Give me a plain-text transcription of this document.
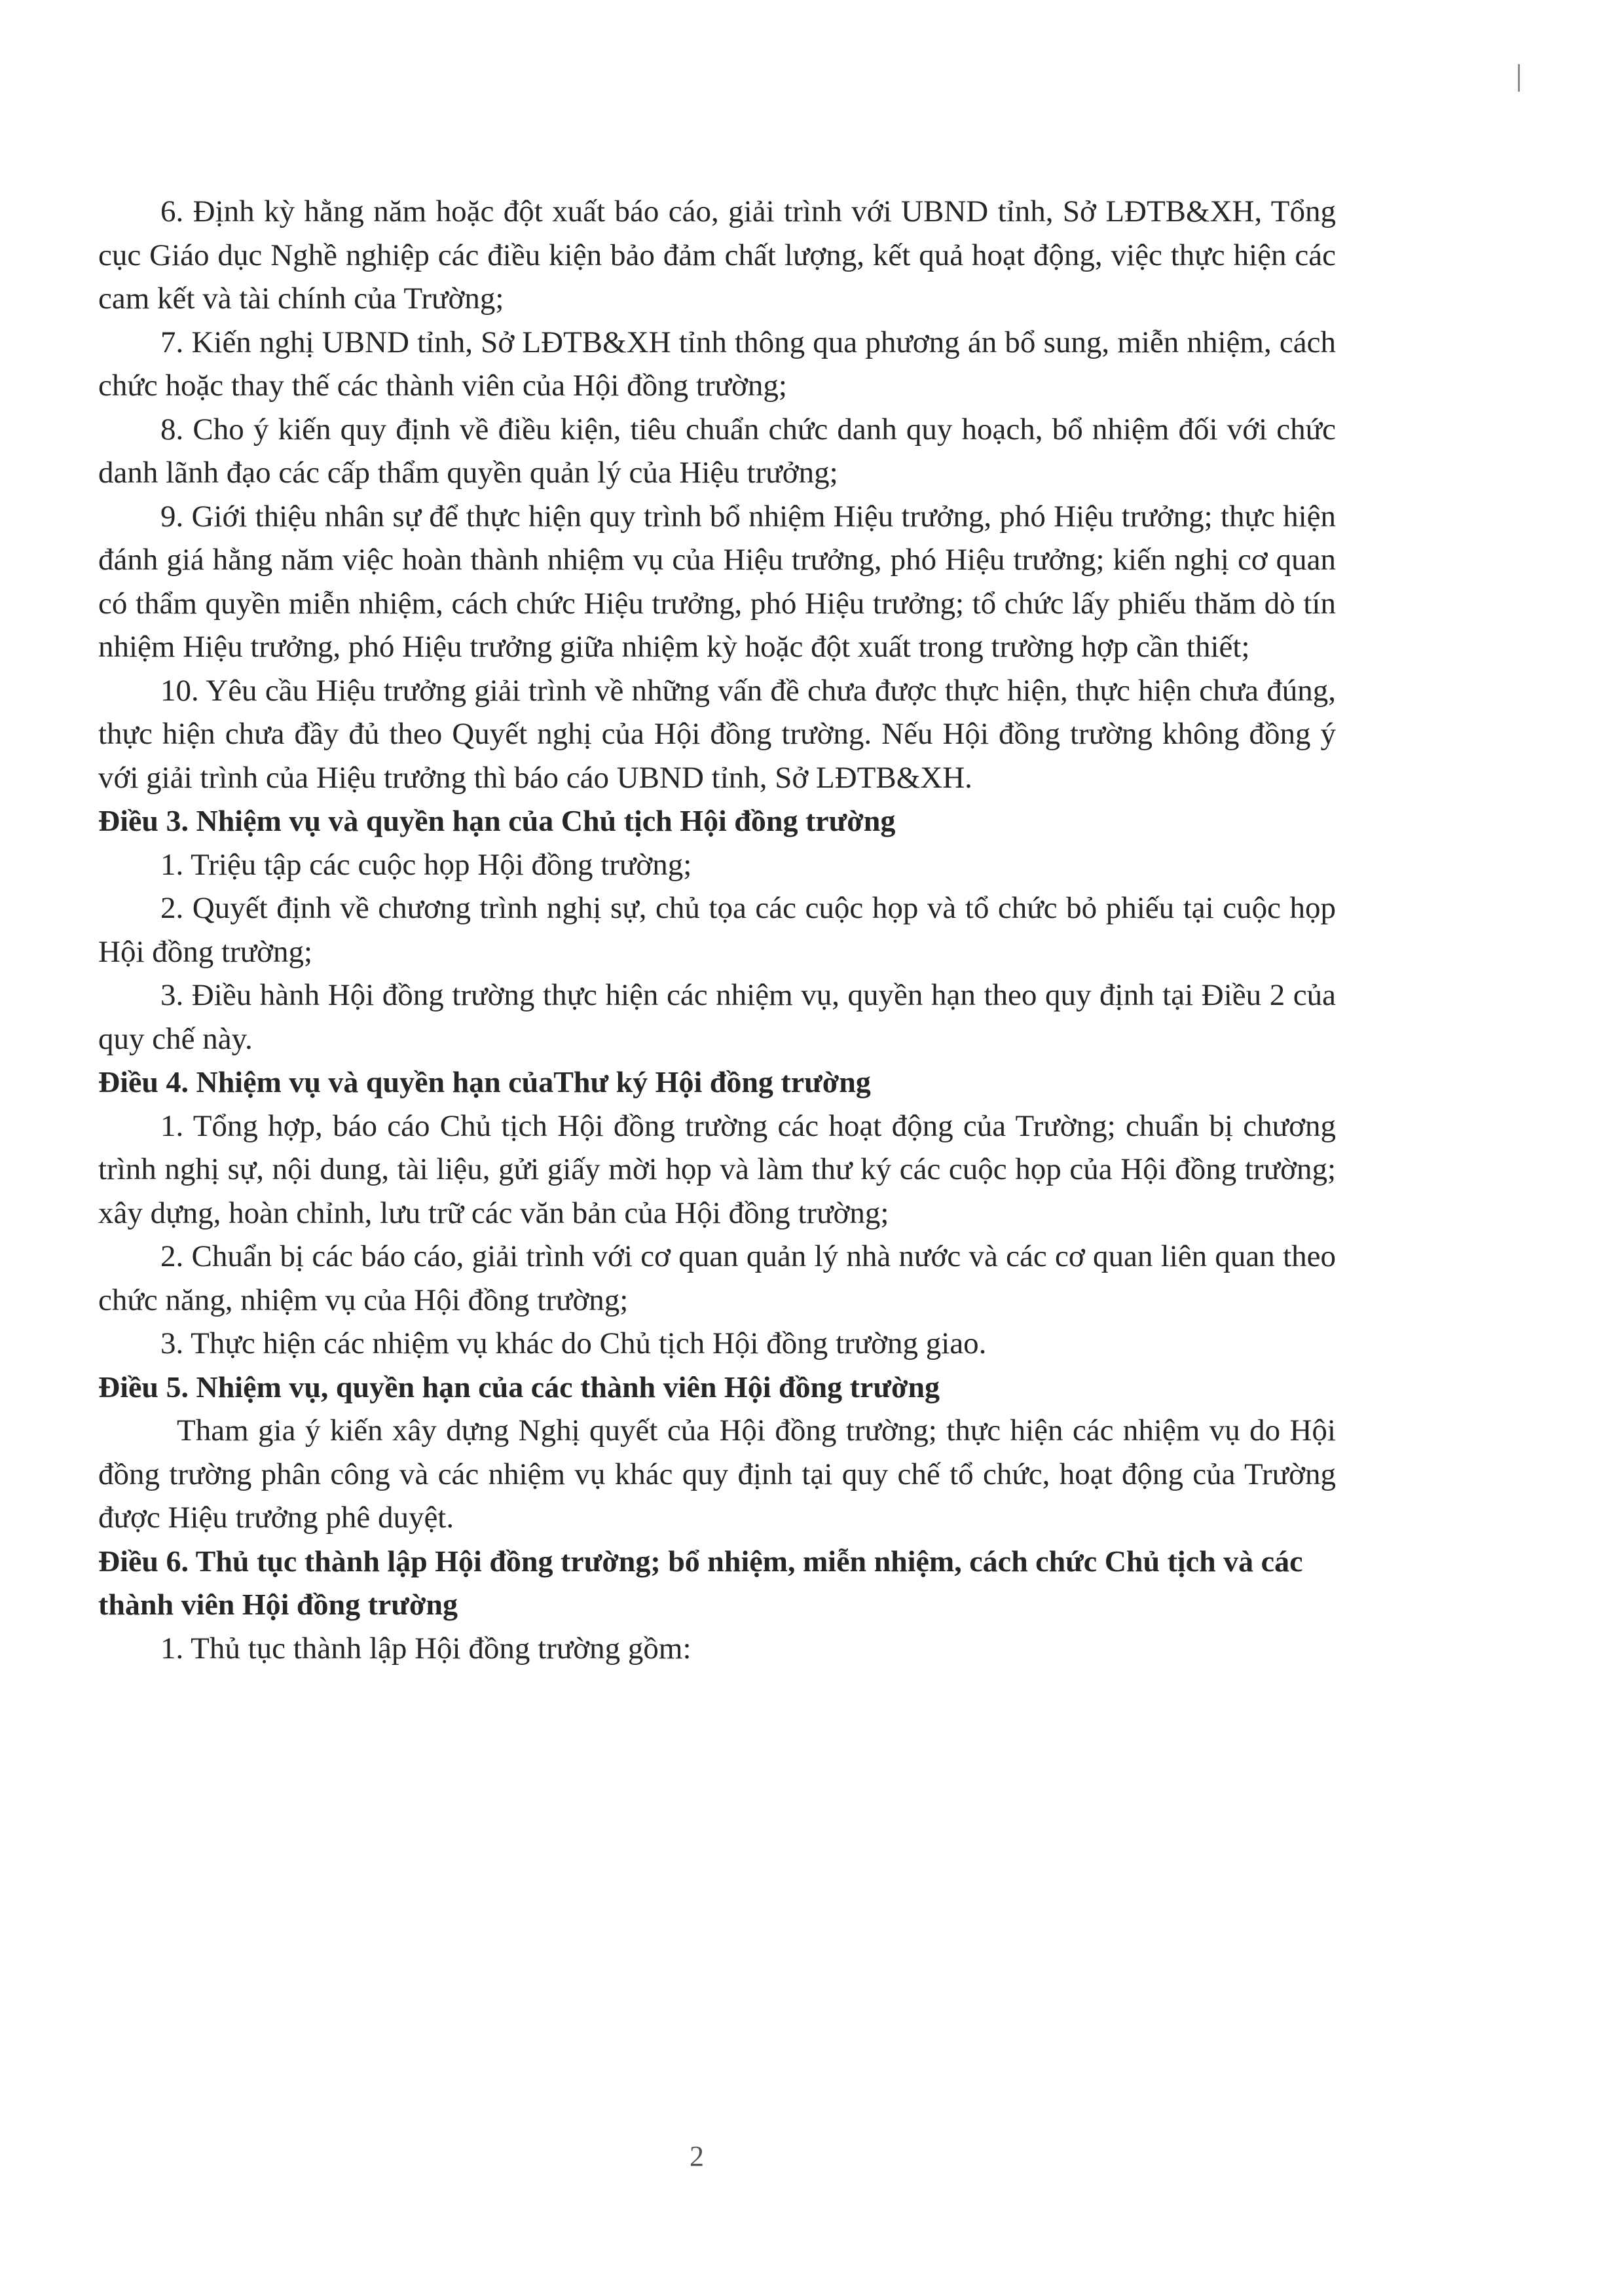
6. Định kỳ hằng năm hoặc đột xuất báo cáo, giải trình với UBND tỉnh, Sở LĐTB&XH, Tổng cục Giáo dục Nghề nghiệp các điều kiện bảo đảm chất lượng, kết quả hoạt động, việc thực hiện các cam kết và tài chính của Trường;

7. Kiến nghị UBND tỉnh, Sở LĐTB&XH tỉnh thông qua phương án bổ sung, miễn nhiệm, cách chức hoặc thay thế các thành viên của Hội đồng trường;

8. Cho ý kiến quy định về điều kiện, tiêu chuẩn chức danh quy hoạch, bổ nhiệm đối với chức danh lãnh đạo các cấp thẩm quyền quản lý của Hiệu trưởng;

9. Giới thiệu nhân sự để thực hiện quy trình bổ nhiệm Hiệu trưởng, phó Hiệu trưởng; thực hiện đánh giá hằng năm việc hoàn thành nhiệm vụ của Hiệu trưởng, phó Hiệu trưởng; kiến nghị cơ quan có thẩm quyền miễn nhiệm, cách chức Hiệu trưởng, phó Hiệu trưởng; tổ chức lấy phiếu thăm dò tín nhiệm Hiệu trưởng, phó Hiệu trưởng giữa nhiệm kỳ hoặc đột xuất trong trường hợp cần thiết;

10. Yêu cầu Hiệu trưởng giải trình về những vấn đề chưa được thực hiện, thực hiện chưa đúng, thực hiện chưa đầy đủ theo Quyết nghị của Hội đồng trường. Nếu Hội đồng trường không đồng ý với giải trình của Hiệu trưởng thì báo cáo UBND tỉnh, Sở LĐTB&XH.

Điều 3. Nhiệm vụ và quyền hạn của Chủ tịch Hội đồng trường

1. Triệu tập các cuộc họp Hội đồng trường;

2. Quyết định về chương trình nghị sự, chủ tọa các cuộc họp và tổ chức bỏ phiếu tại cuộc họp Hội đồng trường;

3. Điều hành Hội đồng trường thực hiện các nhiệm vụ, quyền hạn theo quy định tại Điều 2 của quy chế này.

Điều 4. Nhiệm vụ và quyền hạn củaThư ký Hội đồng trường

1. Tổng hợp, báo cáo Chủ tịch Hội đồng trường các hoạt động của Trường; chuẩn bị chương trình nghị sự, nội dung, tài liệu, gửi giấy mời họp và làm thư ký các cuộc họp của Hội đồng trường; xây dựng, hoàn chỉnh, lưu trữ các văn bản của Hội đồng trường;

2. Chuẩn bị các báo cáo, giải trình với cơ quan quản lý nhà nước và các cơ quan liên quan theo chức năng, nhiệm vụ của Hội đồng trường;

3. Thực hiện các nhiệm vụ khác do Chủ tịch Hội đồng trường giao.

Điều 5. Nhiệm vụ, quyền hạn của các thành viên Hội đồng trường

Tham gia ý kiến xây dựng Nghị quyết của Hội đồng trường; thực hiện các nhiệm vụ do Hội đồng trường phân công và các nhiệm vụ khác quy định tại quy chế tổ chức, hoạt động của Trường được Hiệu trưởng phê duyệt.

Điều 6. Thủ tục thành lập Hội đồng trường; bổ nhiệm, miễn nhiệm, cách chức Chủ tịch và các thành viên Hội đồng trường

1. Thủ tục thành lập Hội đồng trường gồm:

2
